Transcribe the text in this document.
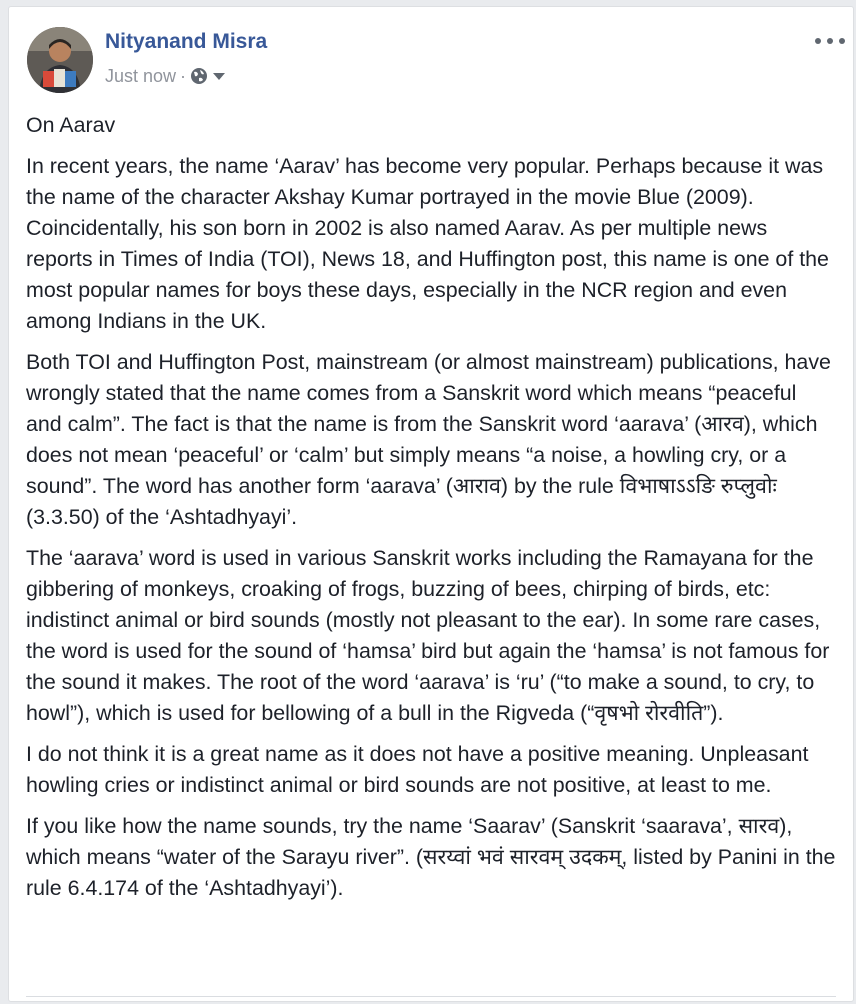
Nityanand Misra
Just now ·

On Aarav

In recent years, the name ‘Aarav’ has become very popular. Perhaps because it was the name of the character Akshay Kumar portrayed in the movie Blue (2009). Coincidentally, his son born in 2002 is also named Aarav. As per multiple news reports in Times of India (TOI), News 18, and Huffington post, this name is one of the most popular names for boys these days, especially in the NCR region and even among Indians in the UK.

Both TOI and Huffington Post, mainstream (or almost mainstream) publications, have wrongly stated that the name comes from a Sanskrit word which means “peaceful and calm”. The fact is that the name is from the Sanskrit word ‘aarava’ (आरव), which does not mean ‘peaceful’ or ‘calm’ but simply means “a noise, a howling cry, or a sound”. The word has another form ‘aarava’ (आराव) by the rule विभाषाऽऽङि रुप्लुवोः (3.3.50) of the ‘Ashtadhyayi’.

The ‘aarava’ word is used in various Sanskrit works including the Ramayana for the gibbering of monkeys, croaking of frogs, buzzing of bees, chirping of birds, etc: indistinct animal or bird sounds (mostly not pleasant to the ear). In some rare cases, the word is used for the sound of ‘hamsa’ bird but again the ‘hamsa’ is not famous for the sound it makes. The root of the word ‘aarava’ is ‘ru’ (“to make a sound, to cry, to howl”), which is used for bellowing of a bull in the Rigveda (“वृषभो रोरवीति”).

I do not think it is a great name as it does not have a positive meaning. Unpleasant howling cries or indistinct animal or bird sounds are not positive, at least to me.

If you like how the name sounds, try the name ‘Saarav’ (Sanskrit ‘saarava’, सारव), which means “water of the Sarayu river”. (सरय्वां भवं सारवम् उदकम्, listed by Panini in the rule 6.4.174 of the ‘Ashtadhyayi’).
